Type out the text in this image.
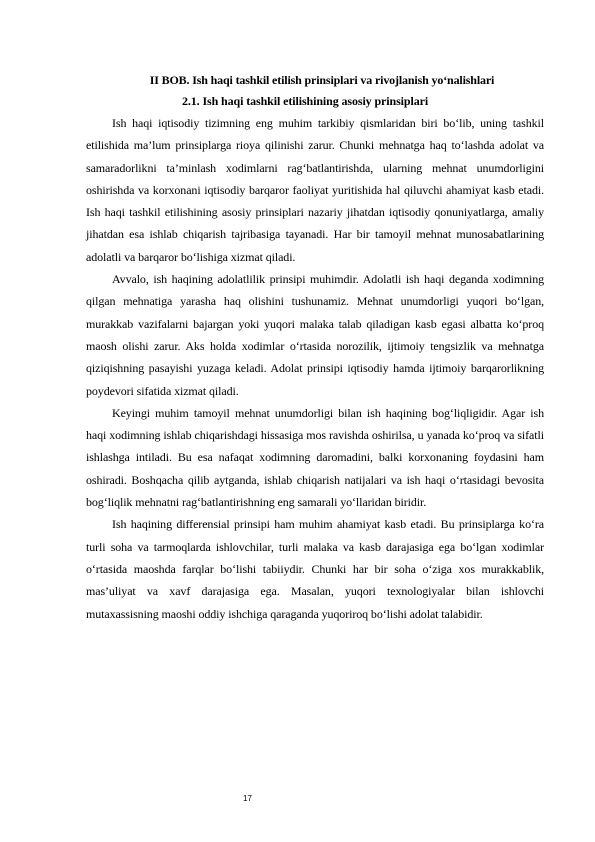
II BOB. Ish haqi tashkil etilish prinsiplari va rivojlanish yo‘nalishlari
2.1. Ish haqi tashkil etilishining asosiy prinsiplari

Ish haqi iqtisodiy tizimning eng muhim tarkibiy qismlaridan biri bo‘lib, uning tashkil etilishida ma’lum prinsiplarga rioya qilinishi zarur. Chunki mehnatga haq to‘lashda adolat va samaradorlikni ta’minlash xodimlarni rag‘batlantirishda, ularning mehnat unumdorligini oshirishda va korxonani iqtisodiy barqaror faoliyat yuritishida hal qiluvchi ahamiyat kasb etadi. Ish haqi tashkil etilishining asosiy prinsiplari nazariy jihatdan iqtisodiy qonuniyatlarga, amaliy jihatdan esa ishlab chiqarish tajribasiga tayanadi. Har bir tamoyil mehnat munosabatlarining adolatli va barqaror bo‘lishiga xizmat qiladi.

Avvalo, ish haqining adolatlilik prinsipi muhimdir. Adolatli ish haqi deganda xodimning qilgan mehnatiga yarasha haq olishini tushunamiz. Mehnat unumdorligi yuqori bo‘lgan, murakkab vazifalarni bajargan yoki yuqori malaka talab qiladigan kasb egasi albatta ko‘proq maosh olishi zarur. Aks holda xodimlar o‘rtasida norozilik, ijtimoiy tengsizlik va mehnatga qiziqishning pasayishi yuzaga keladi. Adolat prinsipi iqtisodiy hamda ijtimoiy barqarorlikning poydevori sifatida xizmat qiladi.

Keyingi muhim tamoyil mehnat unumdorligi bilan ish haqining bog‘liqligidir. Agar ish haqi xodimning ishlab chiqarishdagi hissasiga mos ravishda oshirilsa, u yanada ko‘proq va sifatli ishlashga intiladi. Bu esa nafaqat xodimning daromadini, balki korxonaning foydasini ham oshiradi. Boshqacha qilib aytganda, ishlab chiqarish natijalari va ish haqi o‘rtasidagi bevosita bog‘liqlik mehnatni rag‘batlantirishning eng samarali yo‘llaridan biridir.

Ish haqining differensial prinsipi ham muhim ahamiyat kasb etadi. Bu prinsiplarga ko‘ra turli soha va tarmoqlarda ishlovchilar, turli malaka va kasb darajasiga ega bo‘lgan xodimlar o‘rtasida maoshda farqlar bo‘lishi tabiiydir. Chunki har bir soha o‘ziga xos murakkablik, mas’uliyat va xavf darajasiga ega. Masalan, yuqori texnologiyalar bilan ishlovchi mutaxassisning maoshi oddiy ishchiga qaraganda yuqoriroq bo‘lishi adolat talabidir.

17
